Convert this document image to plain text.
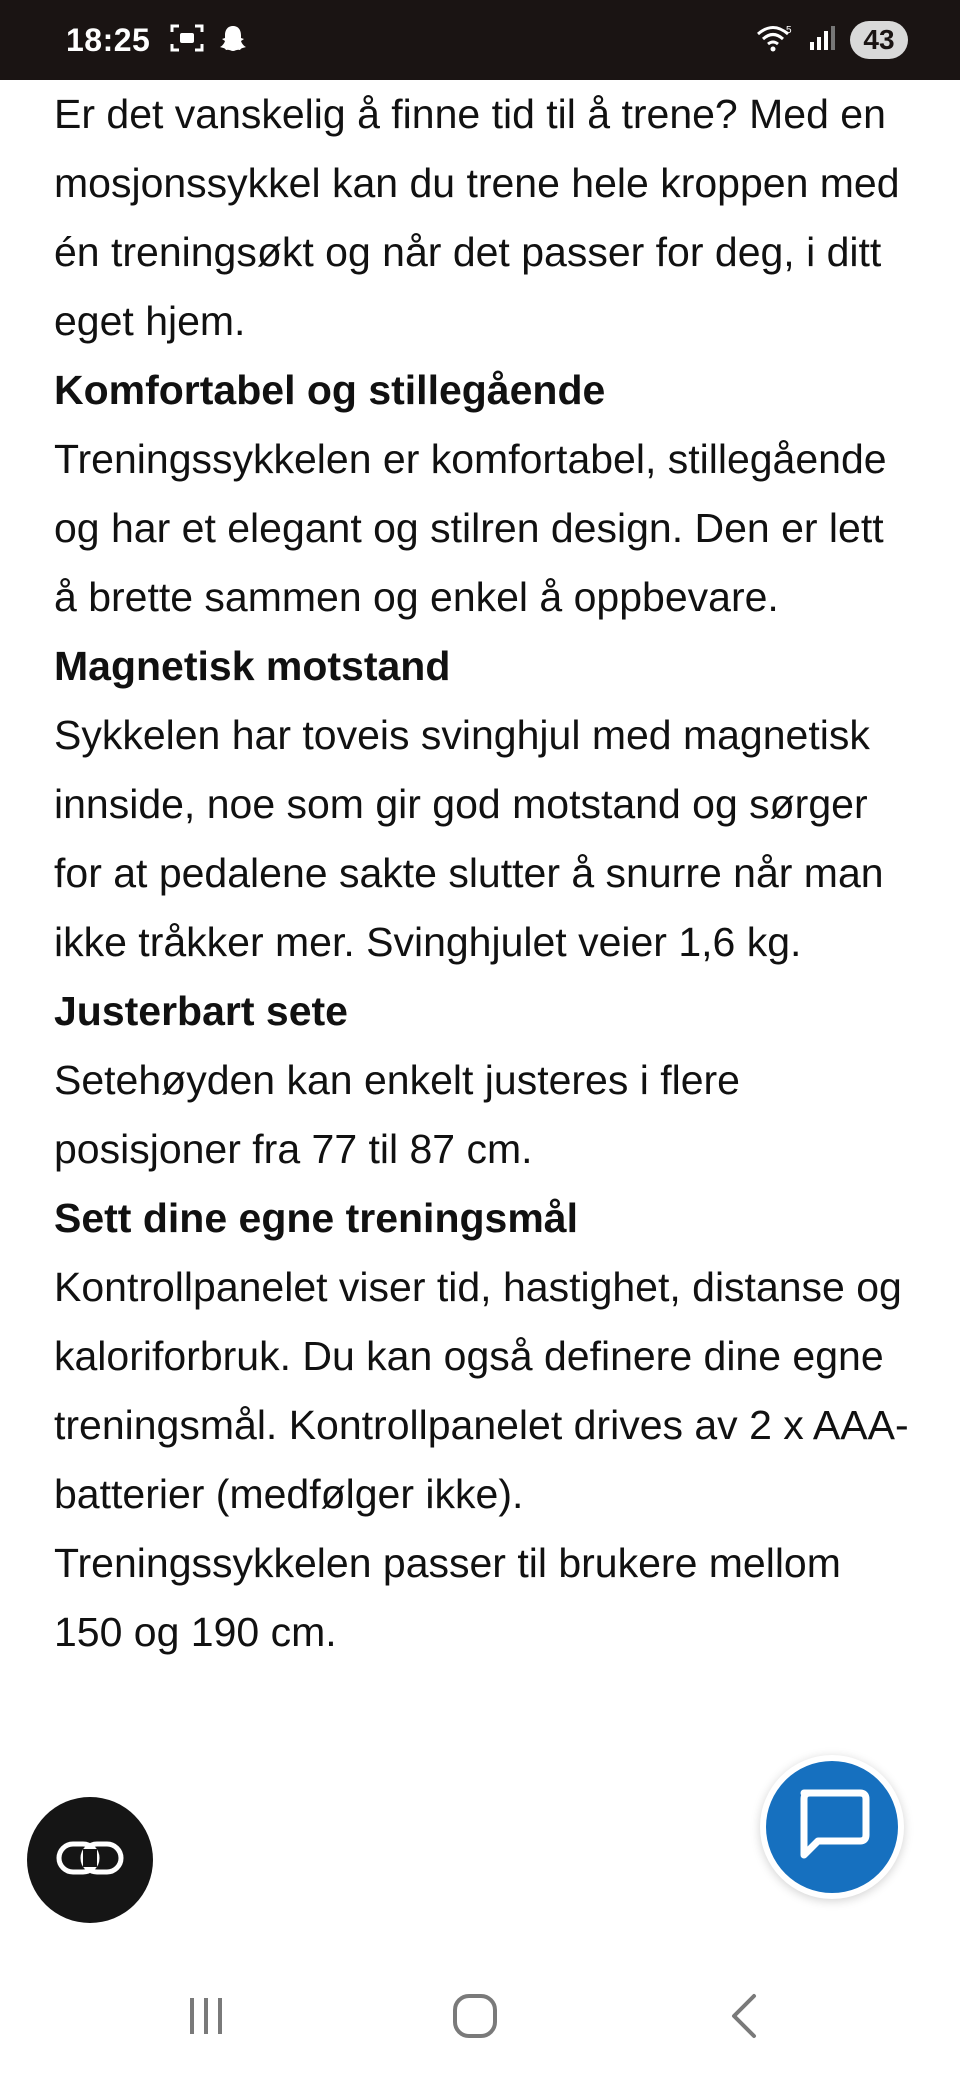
18:25	5	43

Er det vanskelig å finne tid til å trene? Med en mosjonssykkel kan du trene hele kroppen med én treningsøkt og når det passer for deg, i ditt eget hjem.

Komfortabel og stillegående

Treningssykkelen er komfortabel, stillegående og har et elegant og stilren design. Den er lett å brette sammen og enkel å oppbevare.

Magnetisk motstand

Sykkelen har toveis svinghjul med magnetisk innside, noe som gir god motstand og sørger for at pedalene sakte slutter å snurre når man ikke tråkker mer. Svinghjulet veier 1,6 kg.

Justerbart sete

Setehøyden kan enkelt justeres i flere posisjoner fra 77 til 87 cm.

Sett dine egne treningsmål

Kontrollpanelet viser tid, hastighet, distanse og kaloriforbruk. Du kan også definere dine egne treningsmål. Kontrollpanelet drives av 2 x AAA-batterier (medfølger ikke).

Treningssykkelen passer til brukere mellom 150 og 190 cm.
